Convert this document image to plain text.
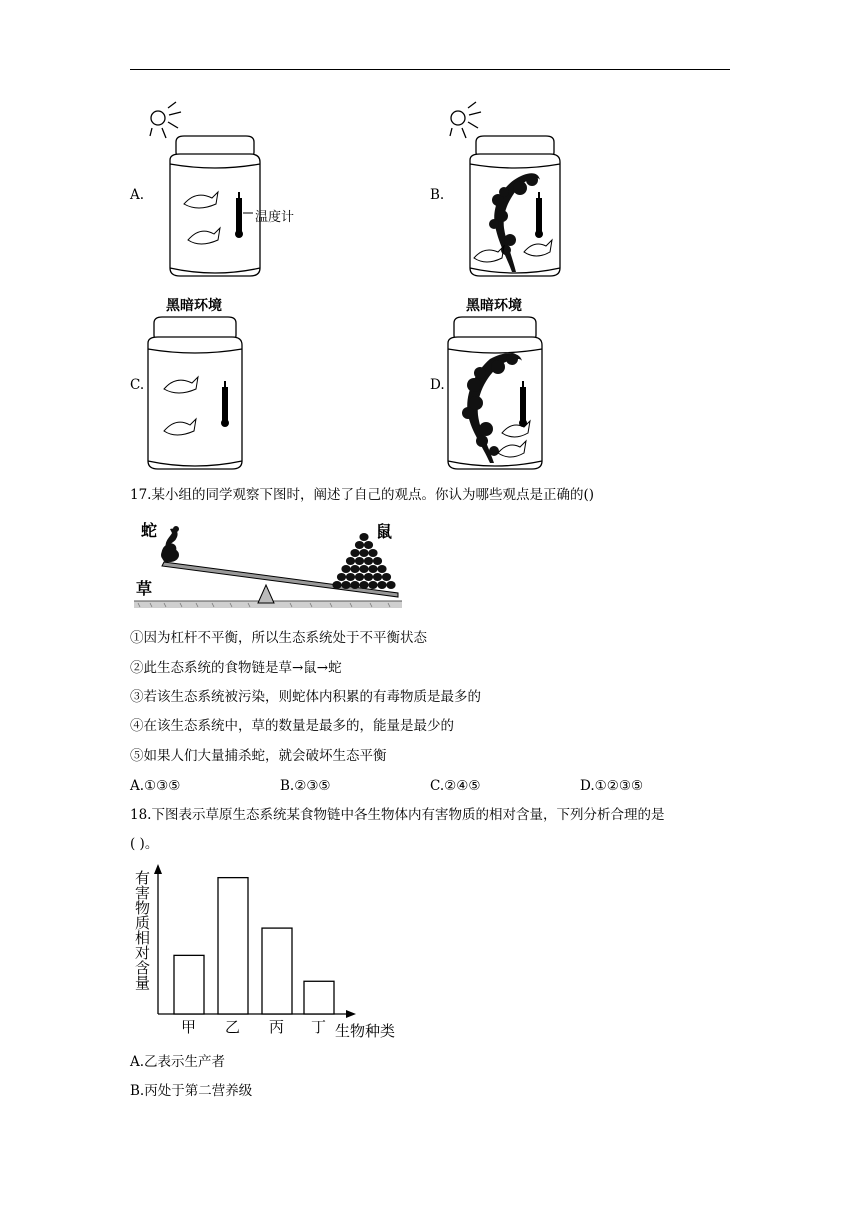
A.	B.
C.	D.
温度计
黑暗环境	黑暗环境
17.某小组的同学观察下图时，阐述了自己的观点。你认为哪些观点是正确的()
蛇	鼠
草
①因为杠杆不平衡，所以生态系统处于不平衡状态
②此生态系统的食物链是草→鼠→蛇
③若该生态系统被污染，则蛇体内积累的有毒物质是最多的
④在该生态系统中，草的数量是最多的，能量是最少的
⑤如果人们大量捕杀蛇，就会破坏生态平衡
A.①③⑤	B.②③⑤	C.②④⑤	D.①②③⑤
18.下图表示草原生态系统某食物链中各生物体内有害物质的相对含量，下列分析合理的是
( )。
有害物质相对含量
甲 乙 丙 丁 生物种类
A.乙表示生产者
B.丙处于第二营养级
